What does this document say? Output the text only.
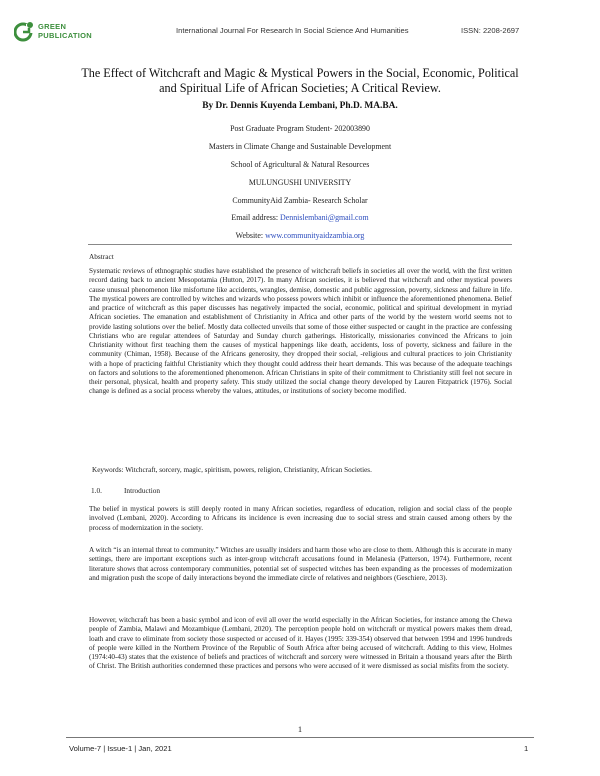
GREEN
PUBLICATION
International Journal For Research In Social Science And Humanities	ISSN: 2208-2697
The Effect of Witchcraft and Magic & Mystical Powers in the Social, Economic, Political and Spiritual Life of African Societies; A Critical Review.
By Dr. Dennis Kuyenda Lembani, Ph.D. MA.BA.
Post Graduate Program Student- 202003890
Masters in Climate Change and Sustainable Development
School of Agricultural & Natural Resources
MULUNGUSHI UNIVERSITY
CommunityAid Zambia- Research Scholar
Email address: Dennislembani@gmail.com
Website: www.communityaidzambia.org
Abstract
Systematic reviews of ethnographic studies have established the presence of witchcraft beliefs in societies all over the world, with the first written record dating back to ancient Mesopotamia (Hutton, 2017). In many African societies, it is believed that witchcraft and other mystical powers cause unusual phenomenon like misfortune like accidents, wrangles, demise, domestic and public aggression, poverty, sickness and failure in life. The mystical powers are controlled by witches and wizards who possess powers which inhibit or influence the aforementioned phenomena. Belief and practice of witchcraft as this paper discusses has negatively impacted the social, economic, political and spiritual development in myriad African societies. The emanation and establishment of Christianity in Africa and other parts of the world by the western world seems not to provide lasting solutions over the belief. Mostly data collected unveils that some of those either suspected or caught in the practice are confessing Christians who are regular attendees of Saturday and Sunday church gatherings. Historically, missionaries convinced the Africans to join Christianity without first teaching them the causes of mystical happenings like death, accidents, loss of poverty, sickness and failure in the community (Chiman, 1958). Because of the Africans generosity, they dropped their social, -religious and cultural practices to join Christianity with a hope of practicing faithful Christianity which they thought could address their heart demands. This was because of the adequate teachings on factors and solutions to the aforementioned phenomenon. African Christians in spite of their commitment to Christianity still feel not secure in their personal, physical, health and property safety. This study utilized the social change theory developed by Lauren Fitzpatrick (1976). Social change is defined as a social process whereby the values, attitudes, or institutions of society become modified.
Keywords: Witchcraft, sorcery, magic, spiritism, powers, religion, Christianity, African Societies.
1.0.	Introduction
The belief in mystical powers is still deeply rooted in many African societies, regardless of education, religion and social class of the people involved (Lembani, 2020). According to Africans its incidence is even increasing due to social stress and strain caused among others by the process of modernization in the society.
A witch “is an internal threat to community.” Witches are usually insiders and harm those who are close to them. Although this is accurate in many settings, there are important exceptions such as inter-group witchcraft accusations found in Melanesia (Patterson, 1974). Furthermore, recent literature shows that across contemporary communities, potential set of suspected witches has been expanding as the processes of modernization and migration push the scope of daily interactions beyond the immediate circle of relatives and neighbors (Geschiere, 2013).
However, witchcraft has been a basic symbol and icon of evil all over the world especially in the African Societies, for instance among the Chewa people of Zambia, Malawi and Mozambique (Lembani, 2020). The perception people hold on witchcraft or mystical powers makes them dread, loath and crave to eliminate from society those suspected or accused of it. Hayes (1995: 339-354) observed that between 1994 and 1996 hundreds of people were killed in the Northern Province of the Republic of South Africa after being accused of witchcraft. Adding to this view, Holmes (1974:40-43) states that the existence of beliefs and practices of witchcraft and sorcery were witnessed in Britain a thousand years after the Birth of Christ. The British authorities condemned these practices and persons who were accused of it were dismissed as social misfits from the society.
1
Volume-7 | Issue-1 | Jan, 2021	1
